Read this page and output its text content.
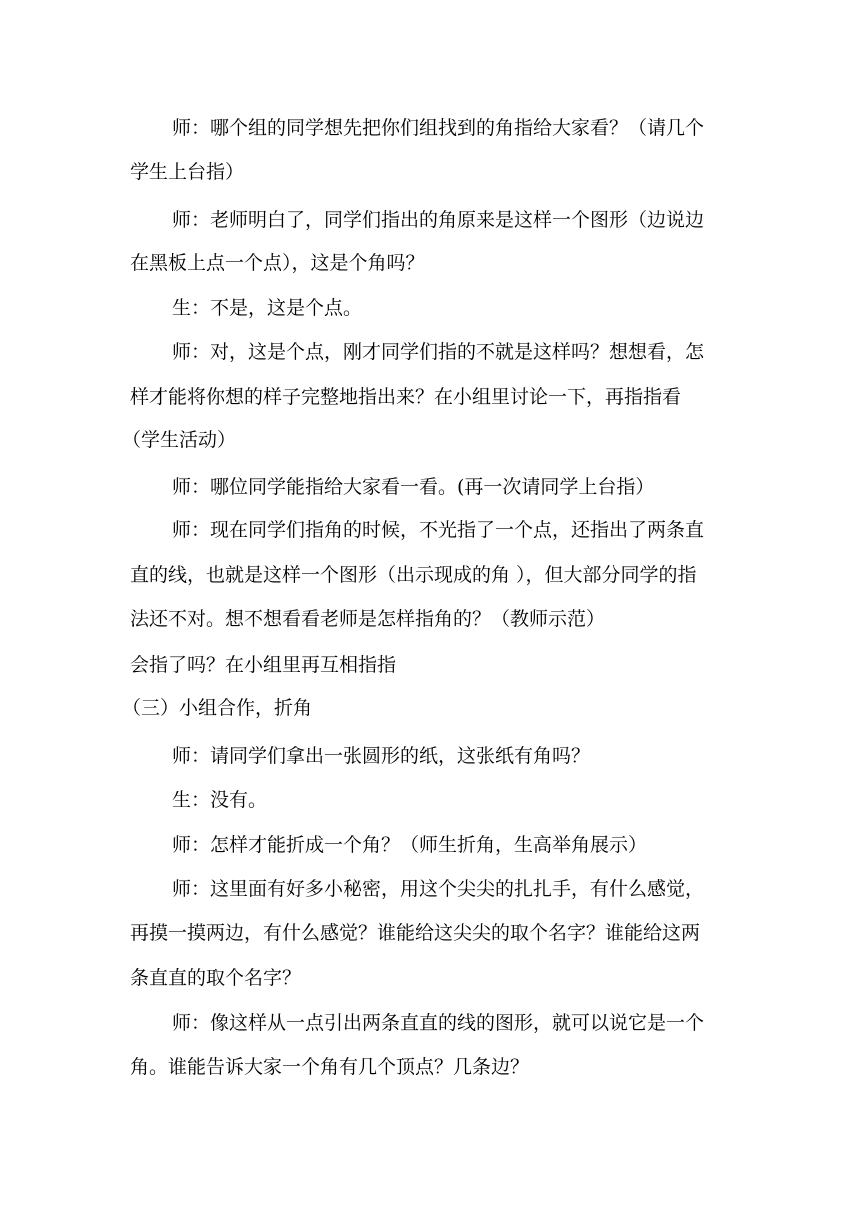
师：哪个组的同学想先把你们组找到的角指给大家看？（请几个
学生上台指）
师：老师明白了，同学们指出的角原来是这样一个图形（边说边
在黑板上点一个点），这是个角吗？
生：不是，这是个点。
师：对，这是个点，刚才同学们指的不就是这样吗？想想看，怎
样才能将你想的样子完整地指出来？在小组里讨论一下，再指指看
（学生活动）
师：哪位同学能指给大家看一看。(再一次请同学上台指）
师：现在同学们指角的时候，不光指了一个点，还指出了两条直
直的线，也就是这样一个图形（出示现成的角 ），但大部分同学的指
法还不对。想不想看看老师是怎样指角的？（教师示范）
会指了吗？在小组里再互相指指
（三）小组合作，折角
师：请同学们拿出一张圆形的纸，这张纸有角吗？
生：没有。
师：怎样才能折成一个角？（师生折角，生高举角展示）
师：这里面有好多小秘密，用这个尖尖的扎扎手，有什么感觉，
再摸一摸两边，有什么感觉？谁能给这尖尖的取个名字？谁能给这两
条直直的取个名字？
师：像这样从一点引出两条直直的线的图形，就可以说它是一个
角。谁能告诉大家一个角有几个顶点？几条边？
